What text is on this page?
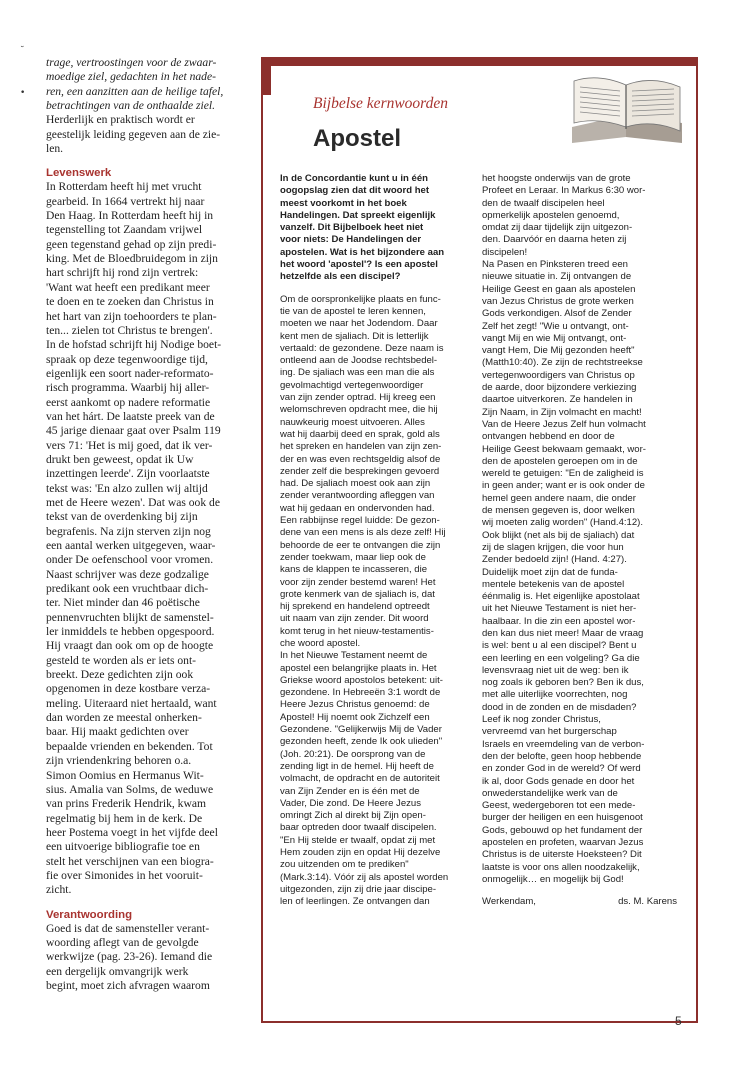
˘
•
trage, vertroostingen voor de zwaar-
moedige ziel, gedachten in het nade-
ren, een aanzitten aan de heilige tafel,
betrachtingen van de onthaalde ziel.
Herderlijk en praktisch wordt er
geestelijk leiding gegeven aan de zie-
len.
Levenswerk
In Rotterdam heeft hij met vrucht
gearbeid. In 1664 vertrekt hij naar
Den Haag. In Rotterdam heeft hij in
tegenstelling tot Zaandam vrijwel
geen tegenstand gehad op zijn predi-
king. Met de Bloedbruidegom in zijn
hart schrijft hij rond zijn vertrek:
'Want wat heeft een predikant meer
te doen en te zoeken dan Christus in
het hart van zijn toehoorders te plan-
ten... zielen tot Christus te brengen'.
In de hofstad schrijft hij Nodige boet-
spraak op deze tegenwoordige tijd,
eigenlijk een soort nader-reformato-
risch programma. Waarbij hij aller-
eerst aankomt op nadere reformatie
van het hárt. De laatste preek van de
45 jarige dienaar gaat over Psalm 119
vers 71: 'Het is mij goed, dat ik ver-
drukt ben geweest, opdat ik Uw
inzettingen leerde'. Zijn voorlaatste
tekst was: 'En alzo zullen wij altijd
met de Heere wezen'. Dat was ook de
tekst van de overdenking bij zijn
begrafenis. Na zijn sterven zijn nog
een aantal werken uitgegeven, waar-
onder De oefenschool voor vromen.
Naast schrijver was deze godzalige
predikant ook een vruchtbaar dich-
ter. Niet minder dan 46 poëtische
pennenvruchten blijkt de samenstel-
ler inmiddels te hebben opgespoord.
Hij vraagt dan ook om op de hoogte
gesteld te worden als er iets ont-
breekt. Deze gedichten zijn ook
opgenomen in deze kostbare verza-
meling. Uiteraard niet hertaald, want
dan worden ze meestal onherken-
baar. Hij maakt gedichten over
bepaalde vrienden en bekenden. Tot
zijn vriendenkring behoren o.a.
Simon Oomius en Hermanus Wit-
sius. Amalia van Solms, de weduwe
van prins Frederik Hendrik, kwam
regelmatig bij hem in de kerk. De
heer Postema voegt in het vijfde deel
een uitvoerige bibliografie toe en
stelt het verschijnen van een biogra-
fie over Simonides in het vooruit-
zicht.
Verantwoording
Goed is dat de samensteller verant-
woording aflegt van de gevolgde
werkwijze (pag. 23-26). Iemand die
een dergelijk omvangrijk werk
begint, moet zich afvragen waarom
Bijbelse kernwoorden
Apostel
In de Concordantie kunt u in één
oogopslag zien dat dit woord het
meest voorkomt in het boek
Handelingen. Dat spreekt eigenlijk
vanzelf. Dit Bijbelboek heet niet
voor niets: De Handelingen der
apostelen. Wat is het bijzondere aan
het woord 'apostel'? Is een apostel
hetzelfde als een discipel?
Om de oorspronkelijke plaats en func-
tie van de apostel te leren kennen,
moeten we naar het Jodendom. Daar
kent men de sjaliach. Dit is letterlijk
vertaald: de gezondene. Deze naam is
ontleend aan de Joodse rechtsbedel-
ing. De sjaliach was een man die als
gevolmachtigd vertegenwoordiger
van zijn zender optrad. Hij kreeg een
welomschreven opdracht mee, die hij
nauwkeurig moest uitvoeren. Alles
wat hij daarbij deed en sprak, gold als
het spreken en handelen van zijn zen-
der en was even rechtsgeldig alsof de
zender zelf die besprekingen gevoerd
had. De sjaliach moest ook aan zijn
zender verantwoording afleggen van
wat hij gedaan en ondervonden had.
Een rabbijnse regel luidde: De gezon-
dene van een mens is als deze zelf! Hij
behoorde de eer te ontvangen die zijn
zender toekwam, maar liep ook de
kans de klappen te incasseren, die
voor zijn zender bestemd waren! Het
grote kenmerk van de sjaliach is, dat
hij sprekend en handelend optreedt
uit naam van zijn zender. Dit woord
komt terug in het nieuw-testamentis-
che woord apostel.
In het Nieuwe Testament neemt de
apostel een belangrijke plaats in. Het
Griekse woord apostolos betekent: uit-
gezondene. In Hebreeën 3:1 wordt de
Heere Jezus Christus genoemd: de
Apostel! Hij noemt ook Zichzelf een
Gezondene. "Gelijkerwijs Mij de Vader
gezonden heeft, zende Ik ook ulieden"
(Joh. 20:21). De oorsprong van de
zending ligt in de hemel. Hij heeft de
volmacht, de opdracht en de autoriteit
van Zijn Zender en is één met de
Vader, Die zond. De Heere Jezus
omringt Zich al direkt bij Zijn open-
baar optreden door twaalf discipelen.
"En Hij stelde er twaalf, opdat zij met
Hem zouden zijn en opdat Hij dezelve
zou uitzenden om te prediken"
(Mark.3:14). Vóór zij als apostel worden
uitgezonden, zijn zij drie jaar discipe-
len of leerlingen. Ze ontvangen dan
het hoogste onderwijs van de grote
Profeet en Leraar. In Markus 6:30 wor-
den de twaalf discipelen heel
opmerkelijk apostelen genoemd,
omdat zij daar tijdelijk zijn uitgezon-
den. Daarvóór en daarna heten zij
discipelen!
Na Pasen en Pinksteren treed een
nieuwe situatie in. Zij ontvangen de
Heilige Geest en gaan als apostelen
van Jezus Christus de grote werken
Gods verkondigen. Alsof de Zender
Zelf het zegt! "Wie u ontvangt, ont-
vangt Mij en wie Mij ontvangt, ont-
vangt Hem, Die Mij gezonden heeft"
(Matth10:40). Ze zijn de rechtstreekse
vertegenwoordigers van Christus op
de aarde, door bijzondere verkiezing
daartoe uitverkoren. Ze handelen in
Zijn Naam, in Zijn volmacht en macht!
Van de Heere Jezus Zelf hun volmacht
ontvangen hebbend en door de
Heilige Geest bekwaam gemaakt, wor-
den de apostelen geroepen om in de
wereld te getuigen: "En de zaligheid is
in geen ander; want er is ook onder de
hemel geen andere naam, die onder
de mensen gegeven is, door welken
wij moeten zalig worden" (Hand.4:12).
Ook blijkt (net als bij de sjaliach) dat
zij de slagen krijgen, die voor hun
Zender bedoeld zijn! (Hand. 4:27).
Duidelijk moet zijn dat de funda-
mentele betekenis van de apostel
éénmalig is. Het eigenlijke apostolaat
uit het Nieuwe Testament is niet her-
haalbaar. In die zin een apostel wor-
den kan dus niet meer! Maar de vraag
is wel: bent u al een discipel? Bent u
een leerling en een volgeling? Ga die
levensvraag niet uit de weg: ben ik
nog zoals ik geboren ben? Ben ik dus,
met alle uiterlijke voorrechten, nog
dood in de zonden en de misdaden?
Leef ik nog zonder Christus,
vervreemd van het burgerschap
Israels en vreemdeling van de verbon-
den der belofte, geen hoop hebbende
en zonder God in de wereld? Of werd
ik al, door Gods genade en door het
onwederstandelijke werk van de
Geest, wedergeboren tot een mede-
burger der heiligen en een huisgenoot
Gods, gebouwd op het fundament der
apostelen en profeten, waarvan Jezus
Christus is de uiterste Hoeksteen? Dit
laatste is voor ons allen noodzakelijk,
onmogelijk… en mogelijk bij God!
Werkendam,	ds. M. Karens
5
